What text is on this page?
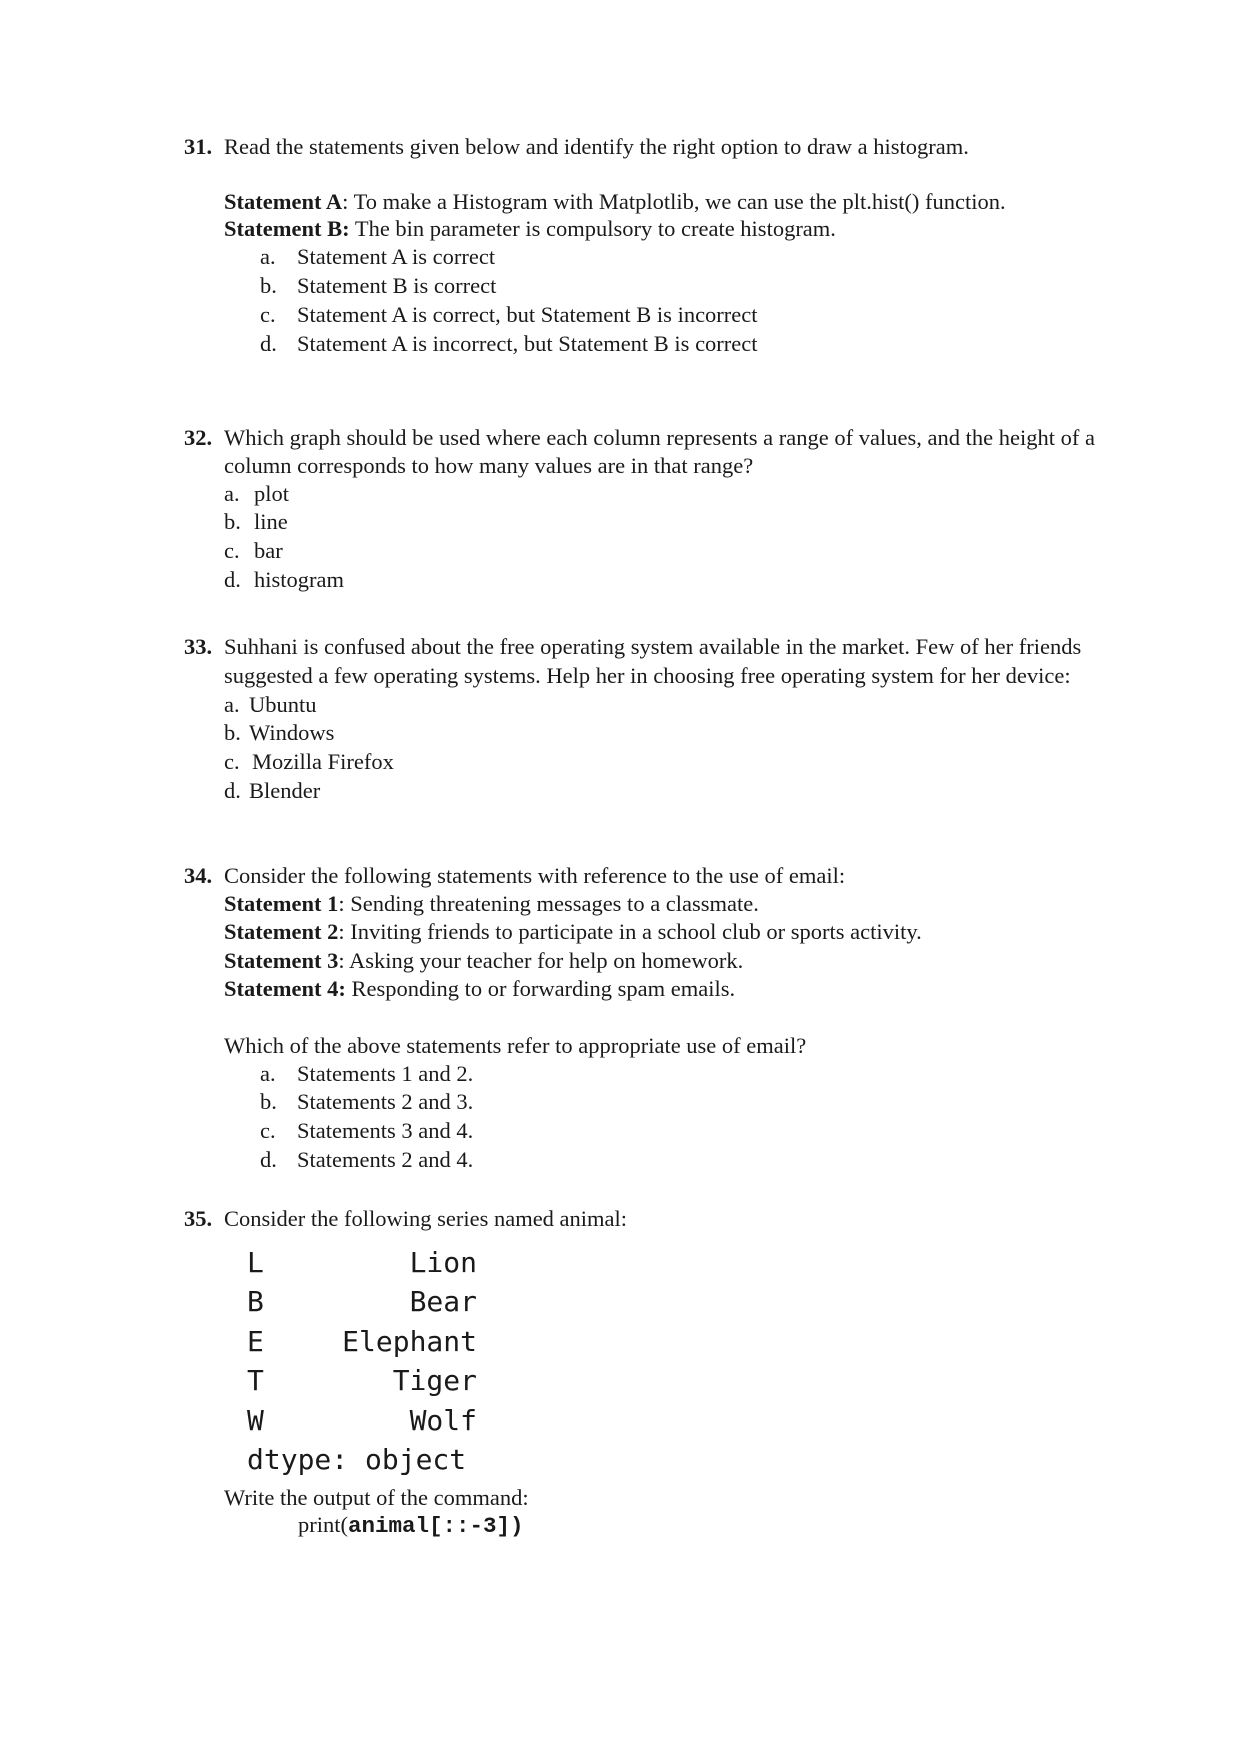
31. Read the statements given below and identify the right option to draw a histogram.
Statement A: To make a Histogram with Matplotlib, we can use the plt.hist() function.
Statement B: The bin parameter is compulsory to create histogram.
a. Statement A is correct
b. Statement B is correct
c. Statement A is correct, but Statement B is incorrect
d. Statement A is incorrect, but Statement B is correct
32. Which graph should be used where each column represents a range of values, and the height of a column corresponds to how many values are in that range?
a. plot
b. line
c. bar
d. histogram
33. Suhhani is confused about the free operating system available in the market. Few of her friends suggested a few operating systems. Help her in choosing free operating system for her device:
a. Ubuntu
b. Windows
c. Mozilla Firefox
d. Blender
34. Consider the following statements with reference to the use of email:
Statement 1: Sending threatening messages to a classmate.
Statement 2: Inviting friends to participate in a school club or sports activity.
Statement 3: Asking your teacher for help on homework.
Statement 4: Responding to or forwarding spam emails.
Which of the above statements refer to appropriate use of email?
a. Statements 1 and 2.
b. Statements 2 and 3.
c. Statements 3 and 4.
d. Statements 2 and 4.
35. Consider the following series named animal:
L	Lion
B	Bear
E	Elephant
T	Tiger
W	Wolf
dtype: object
Write the output of the command:
print(animal[::-3])
